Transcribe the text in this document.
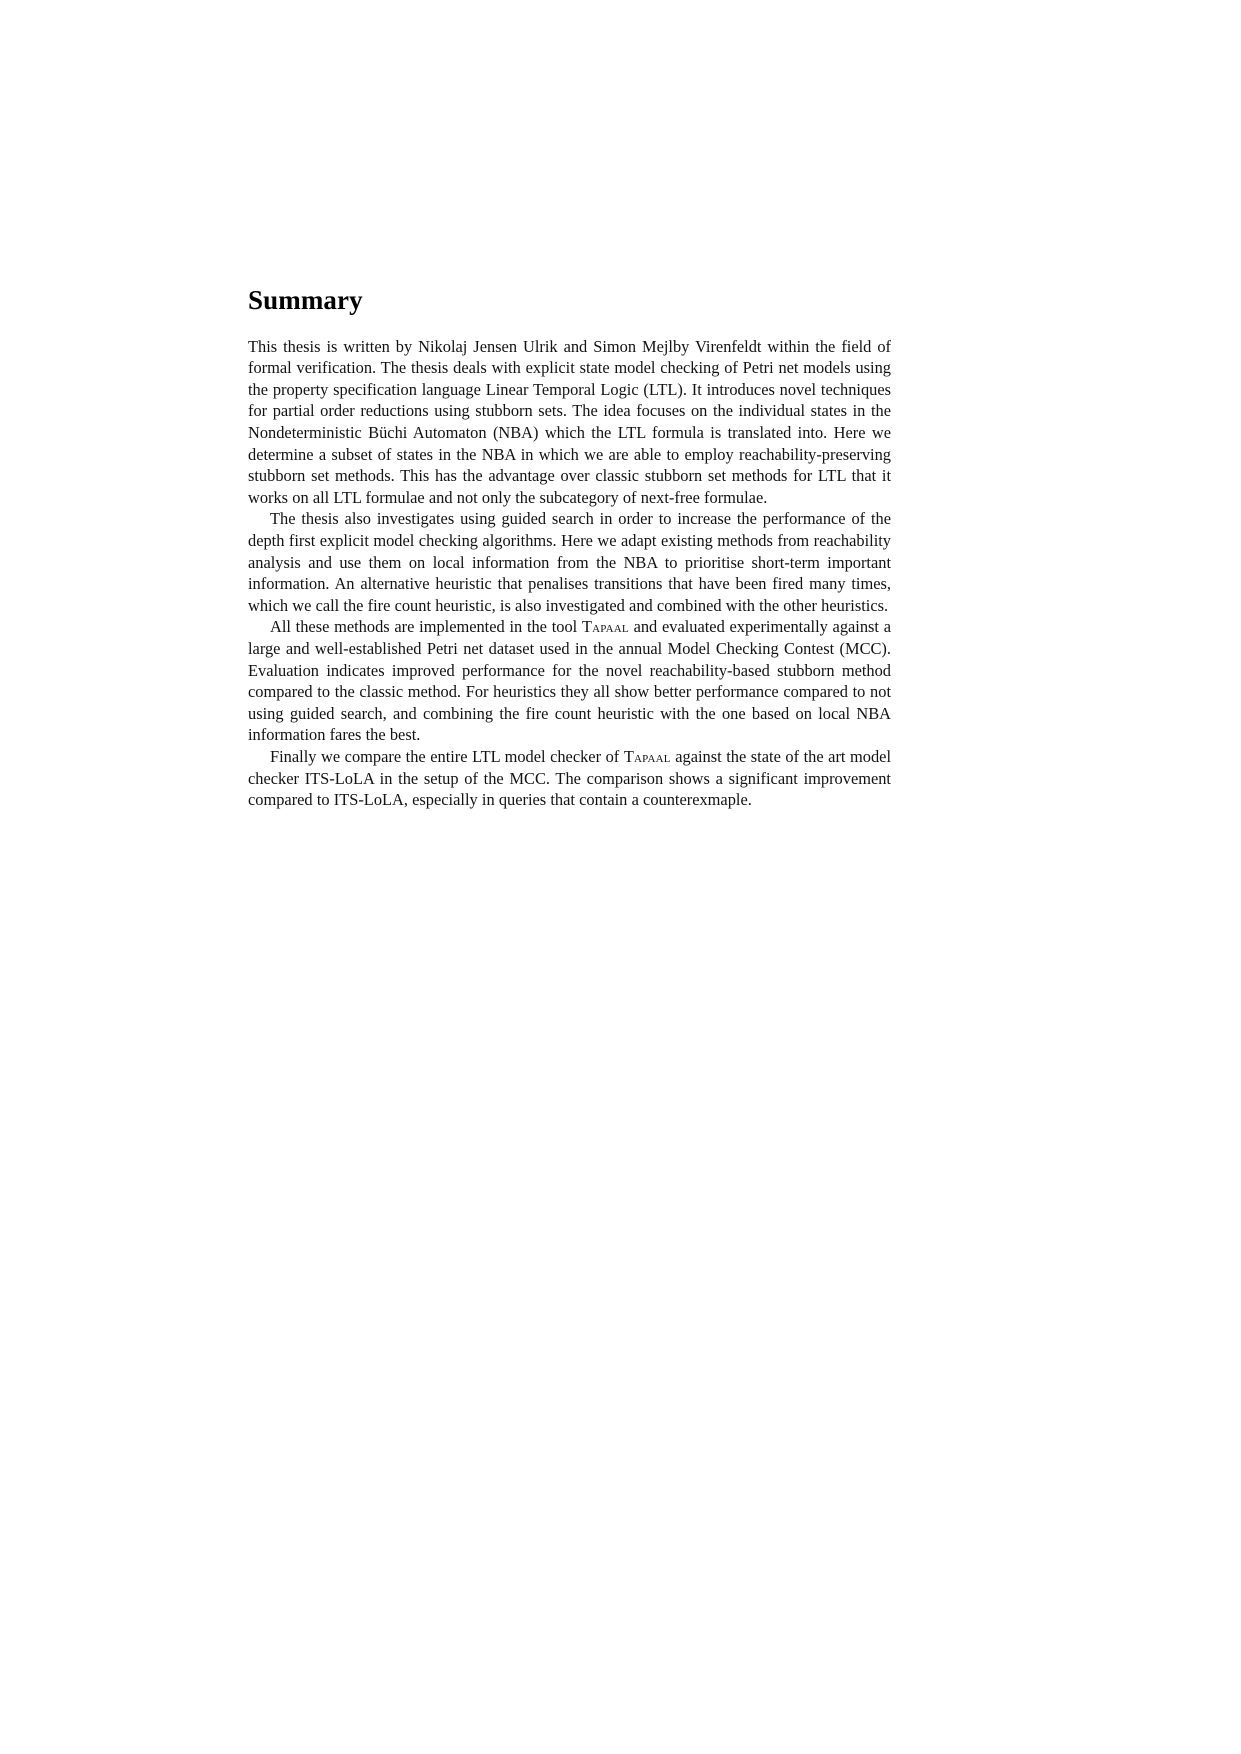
Summary

This thesis is written by Nikolaj Jensen Ulrik and Simon Mejlby Virenfeldt within the field of formal verification. The thesis deals with explicit state model checking of Petri net models using the property specification language Linear Temporal Logic (LTL). It introduces novel techniques for partial order reductions using stubborn sets. The idea focuses on the individual states in the Nondeterministic Büchi Automaton (NBA) which the LTL formula is translated into. Here we determine a subset of states in the NBA in which we are able to employ reachability-preserving stubborn set methods. This has the advantage over classic stubborn set methods for LTL that it works on all LTL formulae and not only the subcategory of next-free formulae.

The thesis also investigates using guided search in order to increase the performance of the depth first explicit model checking algorithms. Here we adapt existing methods from reachability analysis and use them on local information from the NBA to prioritise short-term important information. An alternative heuristic that penalises transitions that have been fired many times, which we call the fire count heuristic, is also investigated and combined with the other heuristics.

All these methods are implemented in the tool Tapaal and evaluated experimentally against a large and well-established Petri net dataset used in the annual Model Checking Contest (MCC). Evaluation indicates improved performance for the novel reachability-based stubborn method compared to the classic method. For heuristics they all show better performance compared to not using guided search, and combining the fire count heuristic with the one based on local NBA information fares the best.

Finally we compare the entire LTL model checker of Tapaal against the state of the art model checker ITS-LoLA in the setup of the MCC. The comparison shows a significant improvement compared to ITS-LoLA, especially in queries that contain a counterexmaple.
